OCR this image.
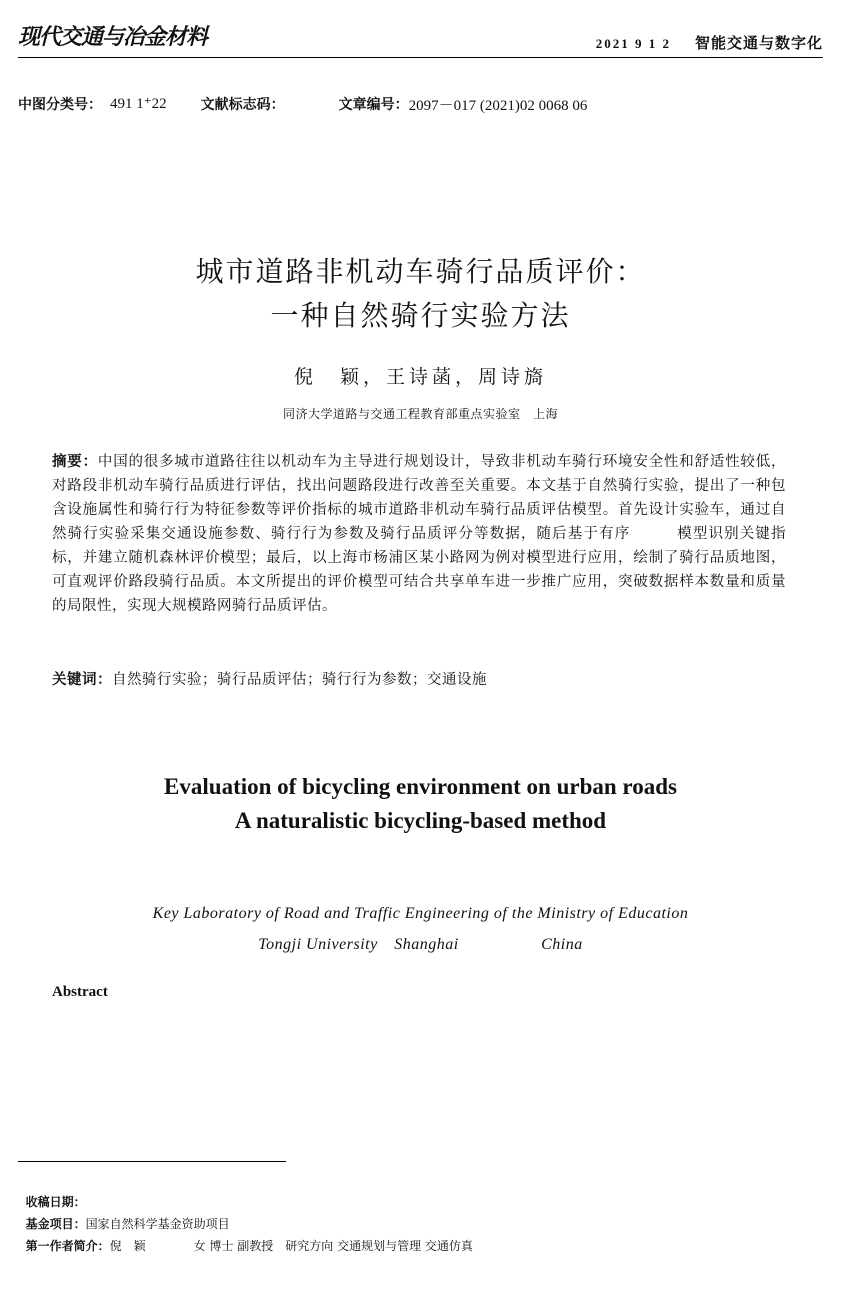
现代交通与冶金材料	2021 9 1 2 智能交通与数字化
中图分类号： 491 1⁺22 文献标志码：	文章编号： 2097－017 (2021)02 0068 06
城市道路非机动车骑行品质评价：
一种自然骑行实验方法
倪　颖，王诗菡，周诗旖
同济大学道路与交通工程教育部重点实验室　上海
摘要：中国的很多城市道路往往以机动车为主导进行规划设计，导致非机动车骑行环境安全性和舒适性较低，对路段非机动车骑行品质进行评估，找出问题路段进行改善至关重要。本文基于自然骑行实验，提出了一种包含设施属性和骑行行为特征参数等评价指标的城市道路非机动车骑行品质评估模型。首先设计实验车，通过自然骑行实验采集交通设施参数、骑行行为参数及骑行品质评分等数据，随后基于有序　　　模型识别关键指标，并建立随机森林评价模型；最后，以上海市杨浦区某小路网为例对模型进行应用，绘制了骑行品质地图，可直观评价路段骑行品质。本文所提出的评价模型可结合共享单车进一步推广应用，突破数据样本数量和质量的局限性，实现大规模路网骑行品质评估。
关键词：自然骑行实验；骑行品质评估；骑行行为参数；交通设施
Evaluation of bicycling environment on urban roads
A naturalistic bicycling-based method
Key Laboratory of Road and Traffic Engineering of the Ministry of Education
Tongji University　Shanghai　　　　　China
Abstract

收稿日期：

基金项目：国家自然科学基金资助项目

第一作者简介：倪　颖　　　　女 博士 副教授　研究方向 交通规划与管理 交通仿真
